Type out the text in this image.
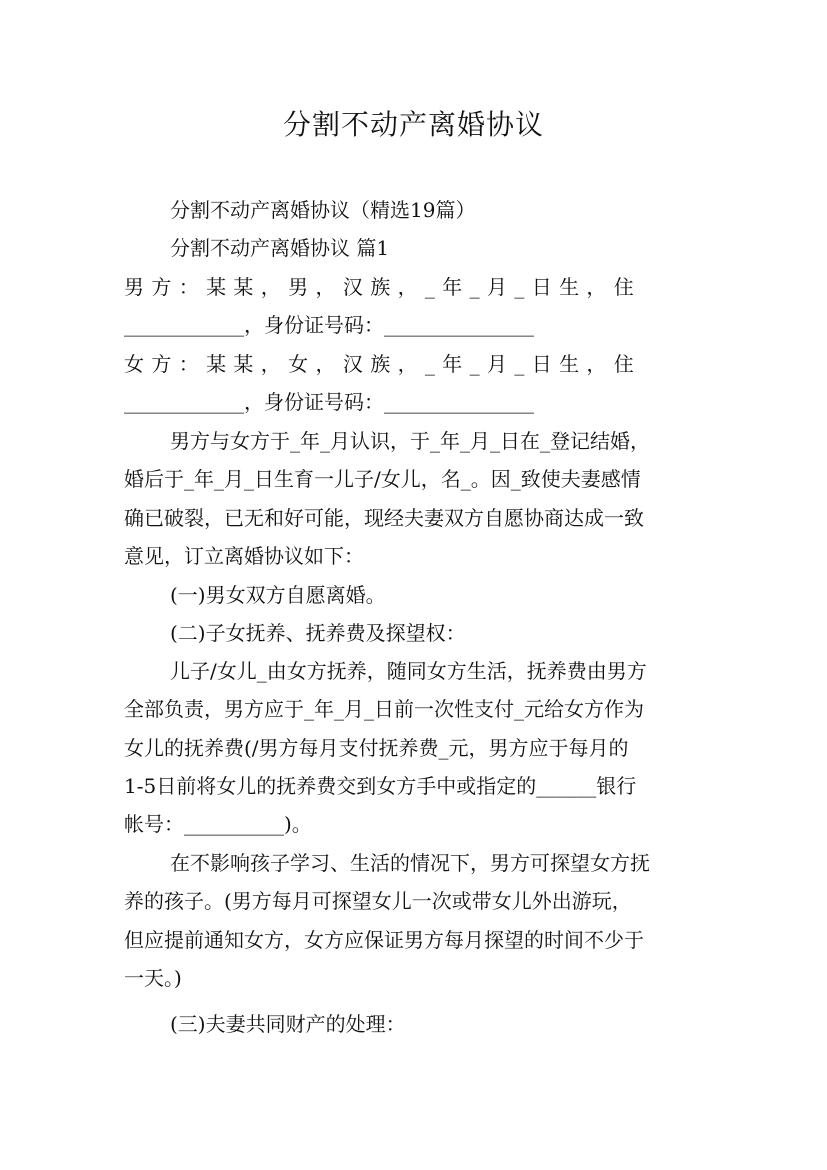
分割不动产离婚协议
分割不动产离婚协议（精选19篇）
分割不动产离婚协议 篇1
男 方 ： 某 某 ， 男 ， 汉 族 ， _ 年 _ 月 _ 日 生 ， 住
____________，身份证号码：_______________
女 方 ： 某 某 ， 女 ， 汉 族 ， _ 年 _ 月 _ 日 生 ， 住
____________，身份证号码：_______________
男方与女方于_年_月认识，于_年_月_日在_登记结婚，
婚后于_年_月_日生育一儿子/女儿，名_。因_致使夫妻感情
确已破裂，已无和好可能，现经夫妻双方自愿协商达成一致
意见，订立离婚协议如下：
(一)男女双方自愿离婚。
(二)子女抚养、抚养费及探望权：
儿子/女儿_由女方抚养，随同女方生活，抚养费由男方
全部负责，男方应于_年_月_日前一次性支付_元给女方作为
女儿的抚养费(/男方每月支付抚养费_元，男方应于每月的
1-5日前将女儿的抚养费交到女方手中或指定的______银行
帐号：__________)。
在不影响孩子学习、生活的情况下，男方可探望女方抚
养的孩子。(男方每月可探望女儿一次或带女儿外出游玩，
但应提前通知女方，女方应保证男方每月探望的时间不少于
一天。)
(三)夫妻共同财产的处理：
